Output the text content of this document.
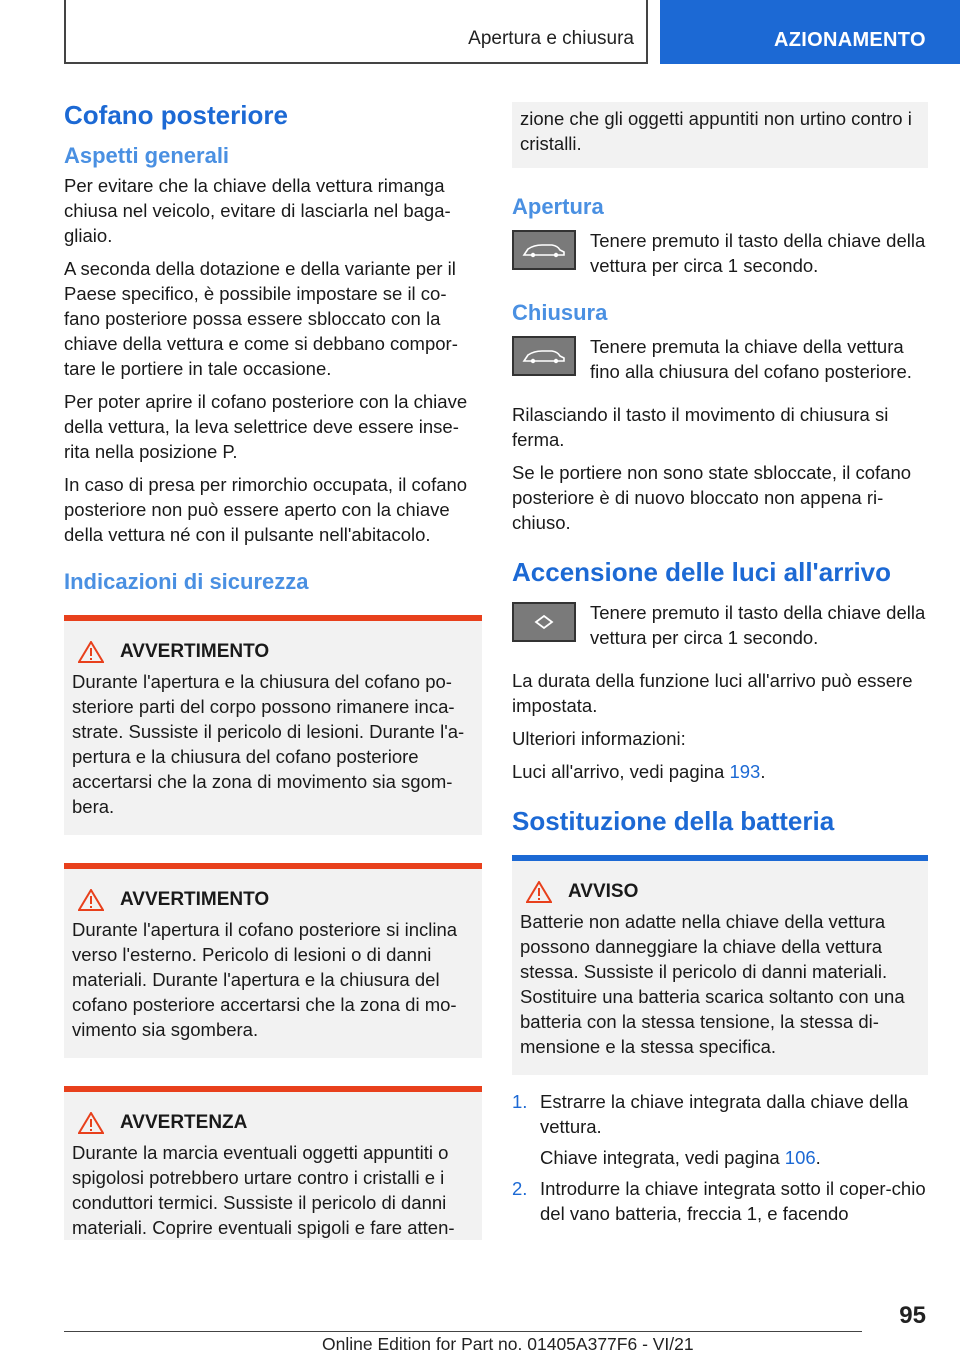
Apertura e chiusura	AZIONAMENTO
Cofano posteriore
Aspetti generali

Per evitare che la chiave della vettura rimanga chiusa nel veicolo, evitare di lasciarla nel baga-gliaio.

A seconda della dotazione e della variante per il Paese specifico, è possibile impostare se il co-fano posteriore possa essere sbloccato con la chiave della vettura e come si debbano compor-tare le portiere in tale occasione.

Per poter aprire il cofano posteriore con la chiave della vettura, la leva selettrice deve essere inse-rita nella posizione P.

In caso di presa per rimorchio occupata, il cofano posteriore non può essere aperto con la chiave della vettura né con il pulsante nell'abitacolo.

Indicazioni di sicurezza
AVVERTIMENTO

Durante l'apertura e la chiusura del cofano po-steriore parti del corpo possono rimanere inca-strate. Sussiste il pericolo di lesioni. Durante l'a-pertura e la chiusura del cofano posteriore accertarsi che la zona di movimento sia sgom-bera.

AVVERTIMENTO

Durante l'apertura il cofano posteriore si inclina verso l'esterno. Pericolo di lesioni o di danni materiali. Durante l'apertura e la chiusura del cofano posteriore accertarsi che la zona di mo-vimento sia sgombera.

AVVERTENZA

Durante la marcia eventuali oggetti appuntiti o spigolosi potrebbero urtare contro i cristalli e i conduttori termici. Sussiste il pericolo di danni materiali. Coprire eventuali spigoli e fare atten-

zione che gli oggetti appuntiti non urtino contro i cristalli.

Apertura

Tenere premuto il tasto della chiave della vettura per circa 1 secondo.

Chiusura

Tenere premuta la chiave della vettura fino alla chiusura del cofano posteriore.

Rilasciando il tasto il movimento di chiusura si ferma.

Se le portiere non sono state sbloccate, il cofano posteriore è di nuovo bloccato non appena ri-chiuso.

Accensione delle luci all'arrivo

Tenere premuto il tasto della chiave della vettura per circa 1 secondo.

La durata della funzione luci all'arrivo può essere impostata.

Ulteriori informazioni:

Luci all'arrivo, vedi pagina 193.

Sostituzione della batteria
AVVISO

Batterie non adatte nella chiave della vettura possono danneggiare la chiave della vettura stessa. Sussiste il pericolo di danni materiali. Sostituire una batteria scarica soltanto con una batteria con la stessa tensione, la stessa di-mensione e la stessa specifica.

1. Estrarre la chiave integrata dalla chiave della vettura.
Chiave integrata, vedi pagina 106.
2. Introdurre la chiave integrata sotto il coper-chio del vano batteria, freccia 1, e facendo
95
Online Edition for Part no. 01405A377F6 - VI/21
